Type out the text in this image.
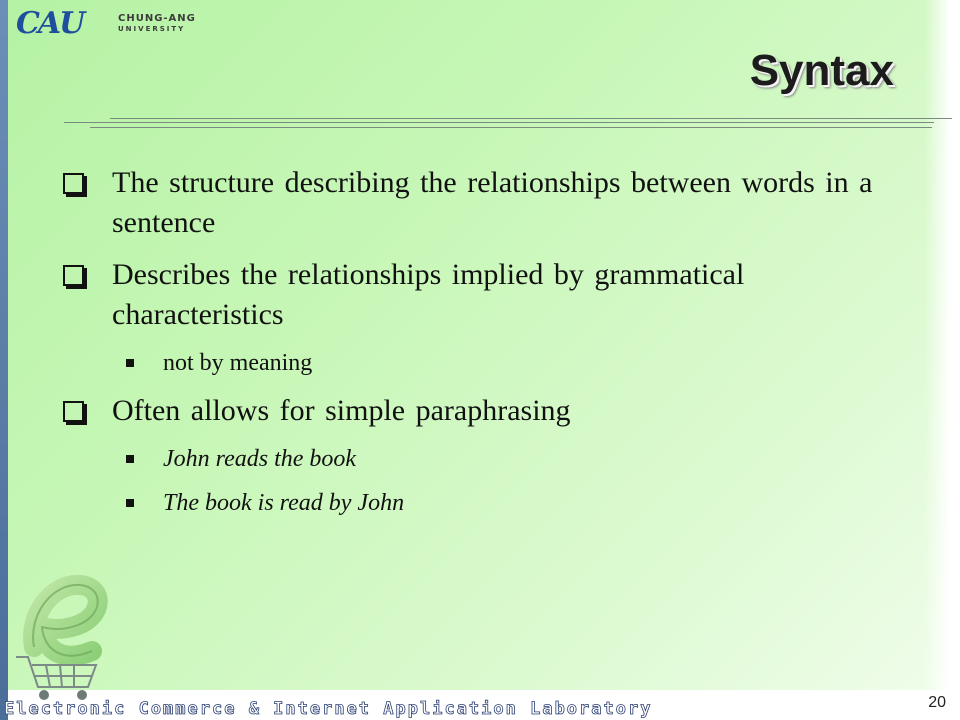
CAU	CHUNG-ANG
UNIVERSITY
Syntax
The structure describing the relationships between words in a sentence
Describes the relationships implied by grammatical characteristics
not by meaning
Often allows for simple paraphrasing
John reads the book
The book is read by John
Electronic Commerce & Internet Application Laboratory	20
